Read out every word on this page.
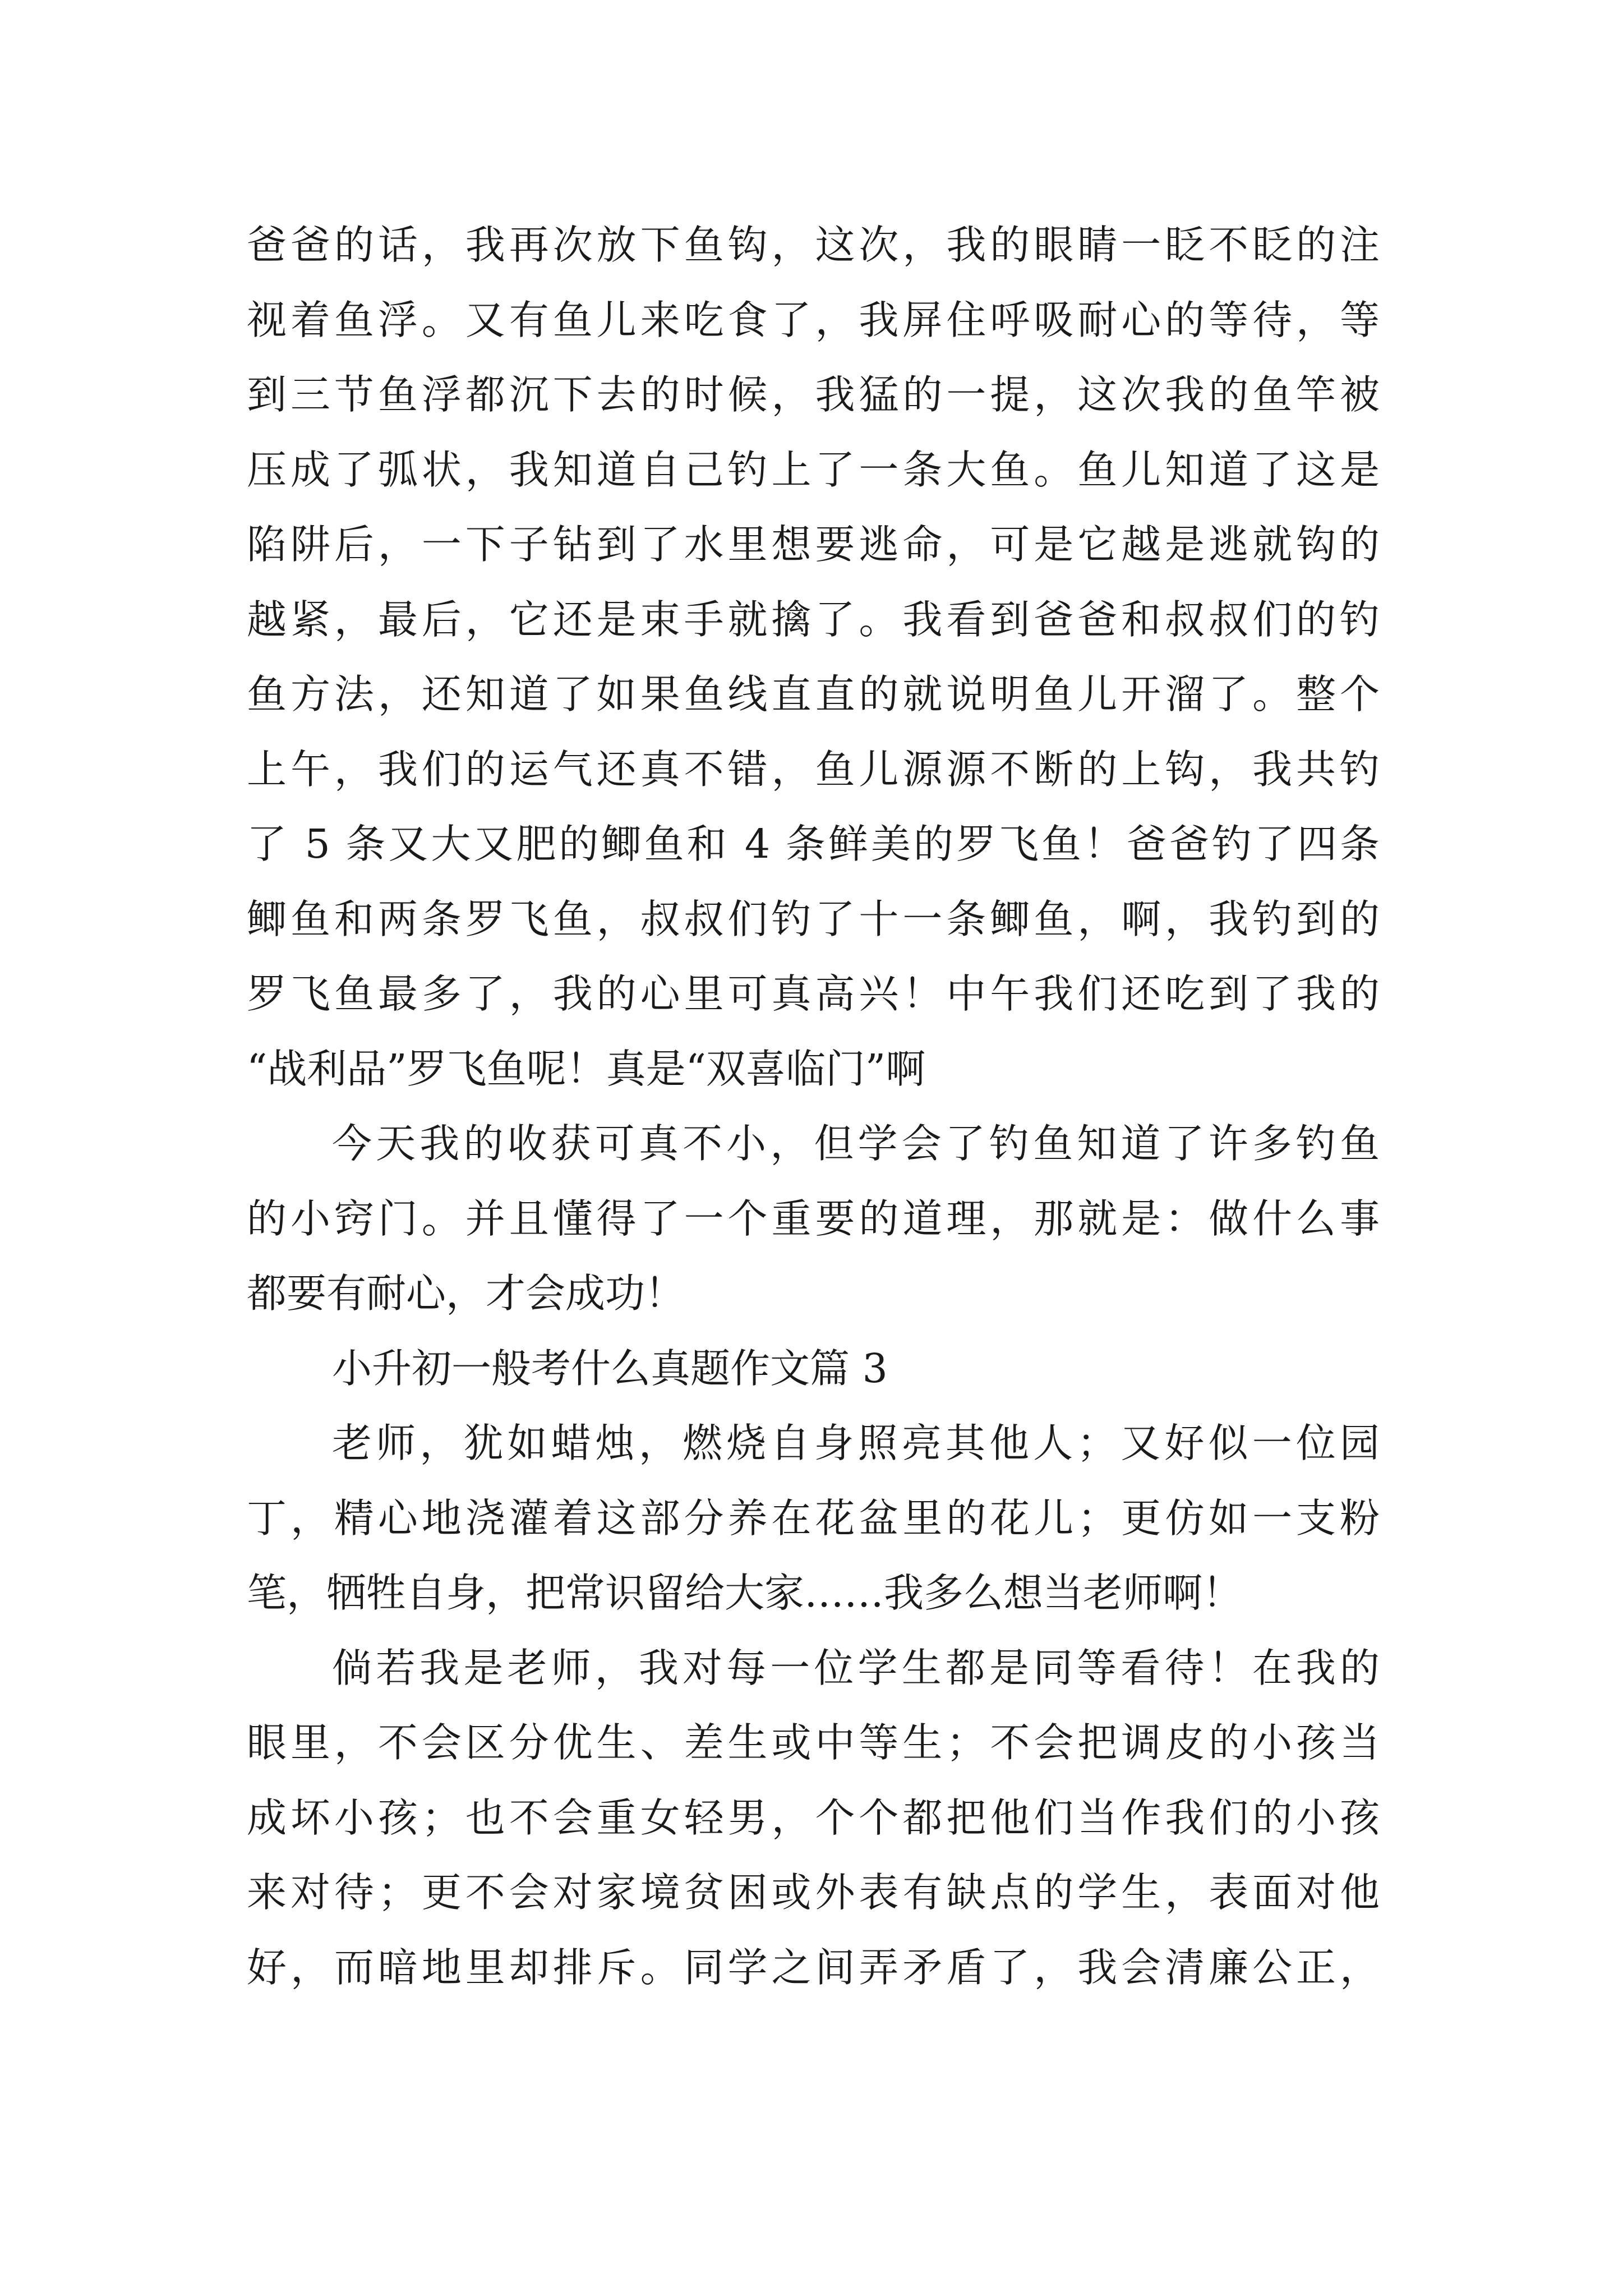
爸爸的话，我再次放下鱼钩，这次，我的眼睛一眨不眨的注
视着鱼浮。又有鱼儿来吃食了，我屏住呼吸耐心的等待，等
到三节鱼浮都沉下去的时候，我猛的一提，这次我的鱼竿被
压成了弧状，我知道自己钓上了一条大鱼。鱼儿知道了这是
陷阱后，一下子钻到了水里想要逃命，可是它越是逃就钩的
越紧，最后，它还是束手就擒了。我看到爸爸和叔叔们的钓
鱼方法，还知道了如果鱼线直直的就说明鱼儿开溜了。整个
上午，我们的运气还真不错，鱼儿源源不断的上钩，我共钓
了 5 条又大又肥的鲫鱼和 4 条鲜美的罗飞鱼！爸爸钓了四条
鲫鱼和两条罗飞鱼，叔叔们钓了十一条鲫鱼，啊，我钓到的
罗飞鱼最多了，我的心里可真高兴！中午我们还吃到了我的
“战利品”罗飞鱼呢！真是“双喜临门”啊
今天我的收获可真不小，但学会了钓鱼知道了许多钓鱼
的小窍门。并且懂得了一个重要的道理，那就是：做什么事
都要有耐心，才会成功！
小升初一般考什么真题作文篇 3
老师，犹如蜡烛，燃烧自身照亮其他人；又好似一位园
丁，精心地浇灌着这部分养在花盆里的花儿；更仿如一支粉
笔，牺牲自身，把常识留给大家……我多么想当老师啊！
倘若我是老师，我对每一位学生都是同等看待！在我的
眼里，不会区分优生、差生或中等生；不会把调皮的小孩当
成坏小孩；也不会重女轻男，个个都把他们当作我们的小孩
来对待；更不会对家境贫困或外表有缺点的学生，表面对他
好，而暗地里却排斥。同学之间弄矛盾了，我会清廉公正，
